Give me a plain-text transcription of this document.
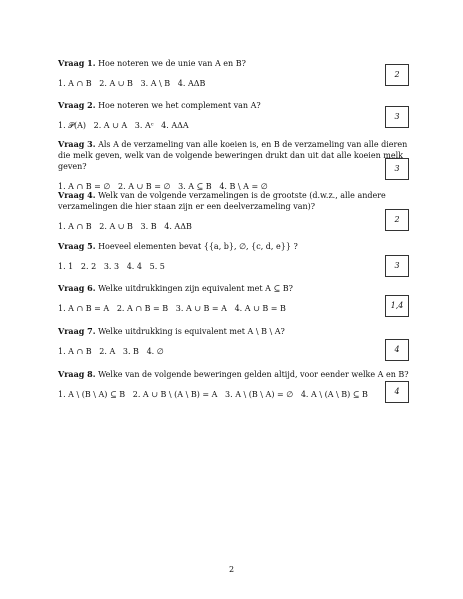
Vraag 1. Hoe noteren we de unie van A en B?
1. A ∩ B 2. A ∪ B 3. A \ B 4. AΔB
2
Vraag 2. Hoe noteren we het complement van A?
1. 𝒫(A) 2. A ∪ A 3. Aᶜ 4. AΔA
3
Vraag 3. Als A de verzameling van alle koeien is, en B de verzameling van alle dieren die melk geven, welk van de volgende beweringen drukt dan uit dat alle koeien melk geven?
1. A ∩ B = ∅ 2. A ∪ B = ∅ 3. A ⊆ B 4. B \ A = ∅
3
Vraag 4. Welk van de volgende verzamelingen is de grootste (d.w.z., alle andere verzamelingen die hier staan zijn er een deelverzameling van)?
1. A ∩ B 2. A ∪ B 3. B 4. AΔB
2
Vraag 5. Hoeveel elementen bevat {{a, b}, ∅, {c, d, e}} ?
1. 1 2. 2 3. 3 4. 4 5. 5	3
Vraag 6. Welke uitdrukkingen zijn equivalent met A ⊆ B?
1. A ∩ B = A 2. A ∩ B = B 3. A ∪ B = A 4. A ∪ B = B	1,4
Vraag 7. Welke uitdrukking is equivalent met A \ B \ A?
1. A ∩ B 2. A 3. B 4. ∅	4
Vraag 8. Welke van de volgende beweringen gelden altijd, voor eender welke A en B?
1. A \ (B \ A) ⊆ B 2. A ∪ B \ (A \ B) = A 3. A \ (B \ A) = ∅ 4. A \ (A \ B) ⊆ B	4
2
